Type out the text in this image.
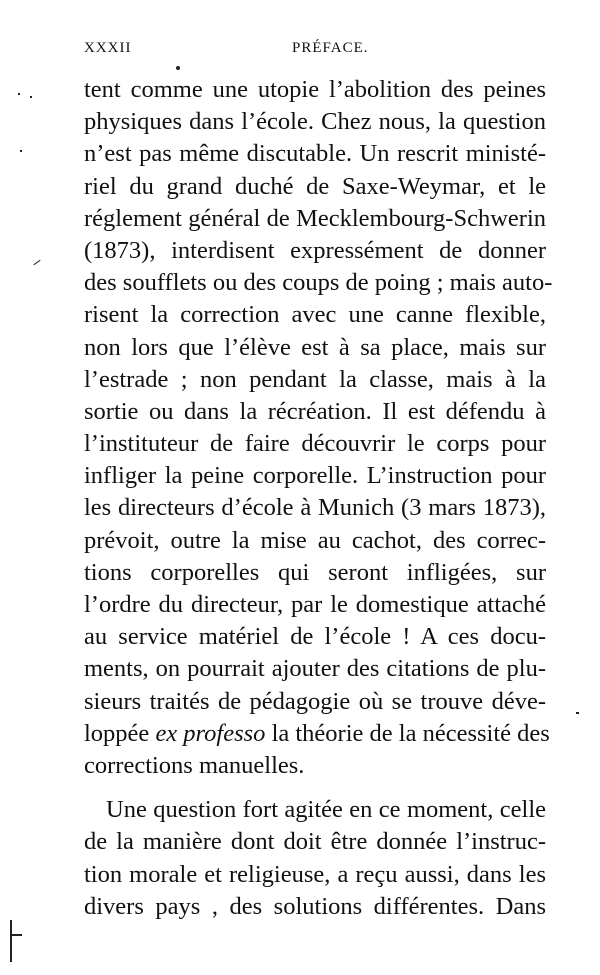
XXXII	PRÉFACE.
tent comme une utopie l’abolition des peines
physiques dans l’école. Chez nous, la question
n’est pas même discutable. Un rescrit ministé-
riel du grand duché de Saxe-Weymar, et le
réglement général de Mecklembourg-Schwerin
(1873), interdisent expressément de donner
des soufflets ou des coups de poing ; mais auto-
risent la correction avec une canne flexible,
non lors que l’élève est à sa place, mais sur
l’estrade ; non pendant la classe, mais à la
sortie ou dans la récréation. Il est défendu à
l’instituteur de faire découvrir le corps pour
infliger la peine corporelle. L’instruction pour
les directeurs d’école à Munich (3 mars 1873),
prévoit, outre la mise au cachot, des correc-
tions corporelles qui seront infligées, sur
l’ordre du directeur, par le domestique attaché
au service matériel de l’école ! A ces docu-
ments, on pourrait ajouter des citations de plu-
sieurs traités de pédagogie où se trouve déve-
loppée ex professo la théorie de la nécessité des
corrections manuelles.
Une question fort agitée en ce moment, celle
de la manière dont doit être donnée l’instruc-
tion morale et religieuse, a reçu aussi, dans les
divers pays , des solutions différentes. Dans
